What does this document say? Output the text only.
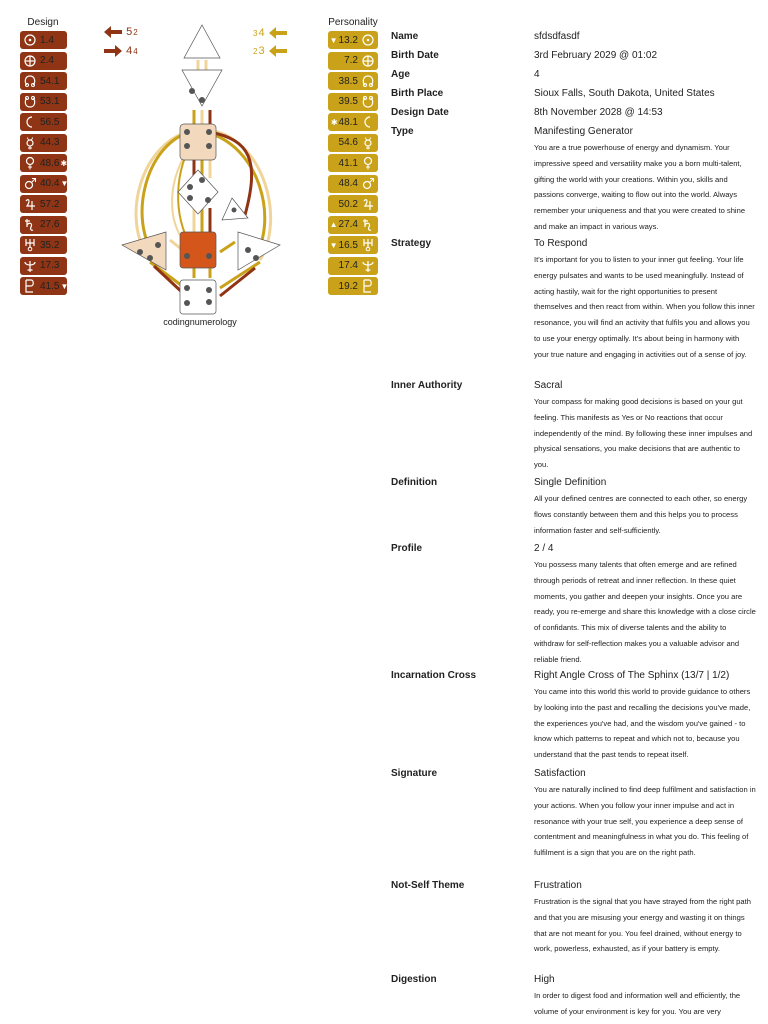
Design	Personality
1.4
2.4
54.1
53.1
56.5
44.3
48.6 ✱
40.4 ▼
57.2
27.6
35.2
17.3
41.5 ▼
▼ 13.2
7.2
38.5
39.5
✱ 48.1
54.6
41.1
48.4
50.2
▲ 27.4
▼ 16.5
17.4
19.2
52
44
34
23
codingnumerology
Name	sfdsdfasdf
Birth Date	3rd February 2029 @ 01:02
Age	4
Birth Place	Sioux Falls, South Dakota, United States
Design Date	8th November 2028 @ 14:53
Type	Manifesting Generator
You are a true powerhouse of energy and dynamism. Your impressive speed and versatility make you a born multi-talent, gifting the world with your creations. Within you, skills and passions converge, waiting to flow out into the world. Always remember your uniqueness and that you were created to shine and make an impact in various ways.
Strategy	To Respond
It's important for you to listen to your inner gut feeling. Your life energy pulsates and wants to be used meaningfully. Instead of acting hastily, wait for the right opportunities to present themselves and then react from within. When you follow this inner resonance, you will find an activity that fulfils you and allows you to use your energy optimally. It's about being in harmony with your true nature and engaging in activities out of a sense of joy.
Inner Authority	Sacral
Your compass for making good decisions is based on your gut feeling. This manifests as Yes or No reactions that occur independently of the mind. By following these inner impulses and physical sensations, you make decisions that are authentic to you.
Definition	Single Definition
All your defined centres are connected to each other, so energy flows constantly between them and this helps you to process information faster and self-sufficiently.
Profile	2 / 4
You possess many talents that often emerge and are refined through periods of retreat and inner reflection. In these quiet moments, you gather and deepen your insights. Once you are ready, you re-emerge and share this knowledge with a close circle of confidants. This mix of diverse talents and the ability to withdraw for self-reflection makes you a valuable advisor and reliable friend.
Incarnation Cross	Right Angle Cross of The Sphinx (13/7 | 1/2)
You came into this world this world to provide guidance to others by looking into the past and recalling the decisions you've made, the experiences you've had, and the wisdom you've gained - to know which patterns to repeat and which not to, because you understand that the past tends to repeat itself.
Signature	Satisfaction
You are naturally inclined to find deep fulfilment and satisfaction in your actions. When you follow your inner impulse and act in resonance with your true self, you experience a deep sense of contentment and meaningfulness in what you do. This feeling of fulfilment is a sign that you are on the right path.
Not-Self Theme	Frustration
Frustration is the signal that you have strayed from the right path and that you are misusing your energy and wasting it on things that are not meant for you. You feel drained, without energy to work, powerless, exhausted, as if your battery is empty.
Digestion	High
In order to digest food and information well and efficiently, the volume of your environment is key for you. You are very
